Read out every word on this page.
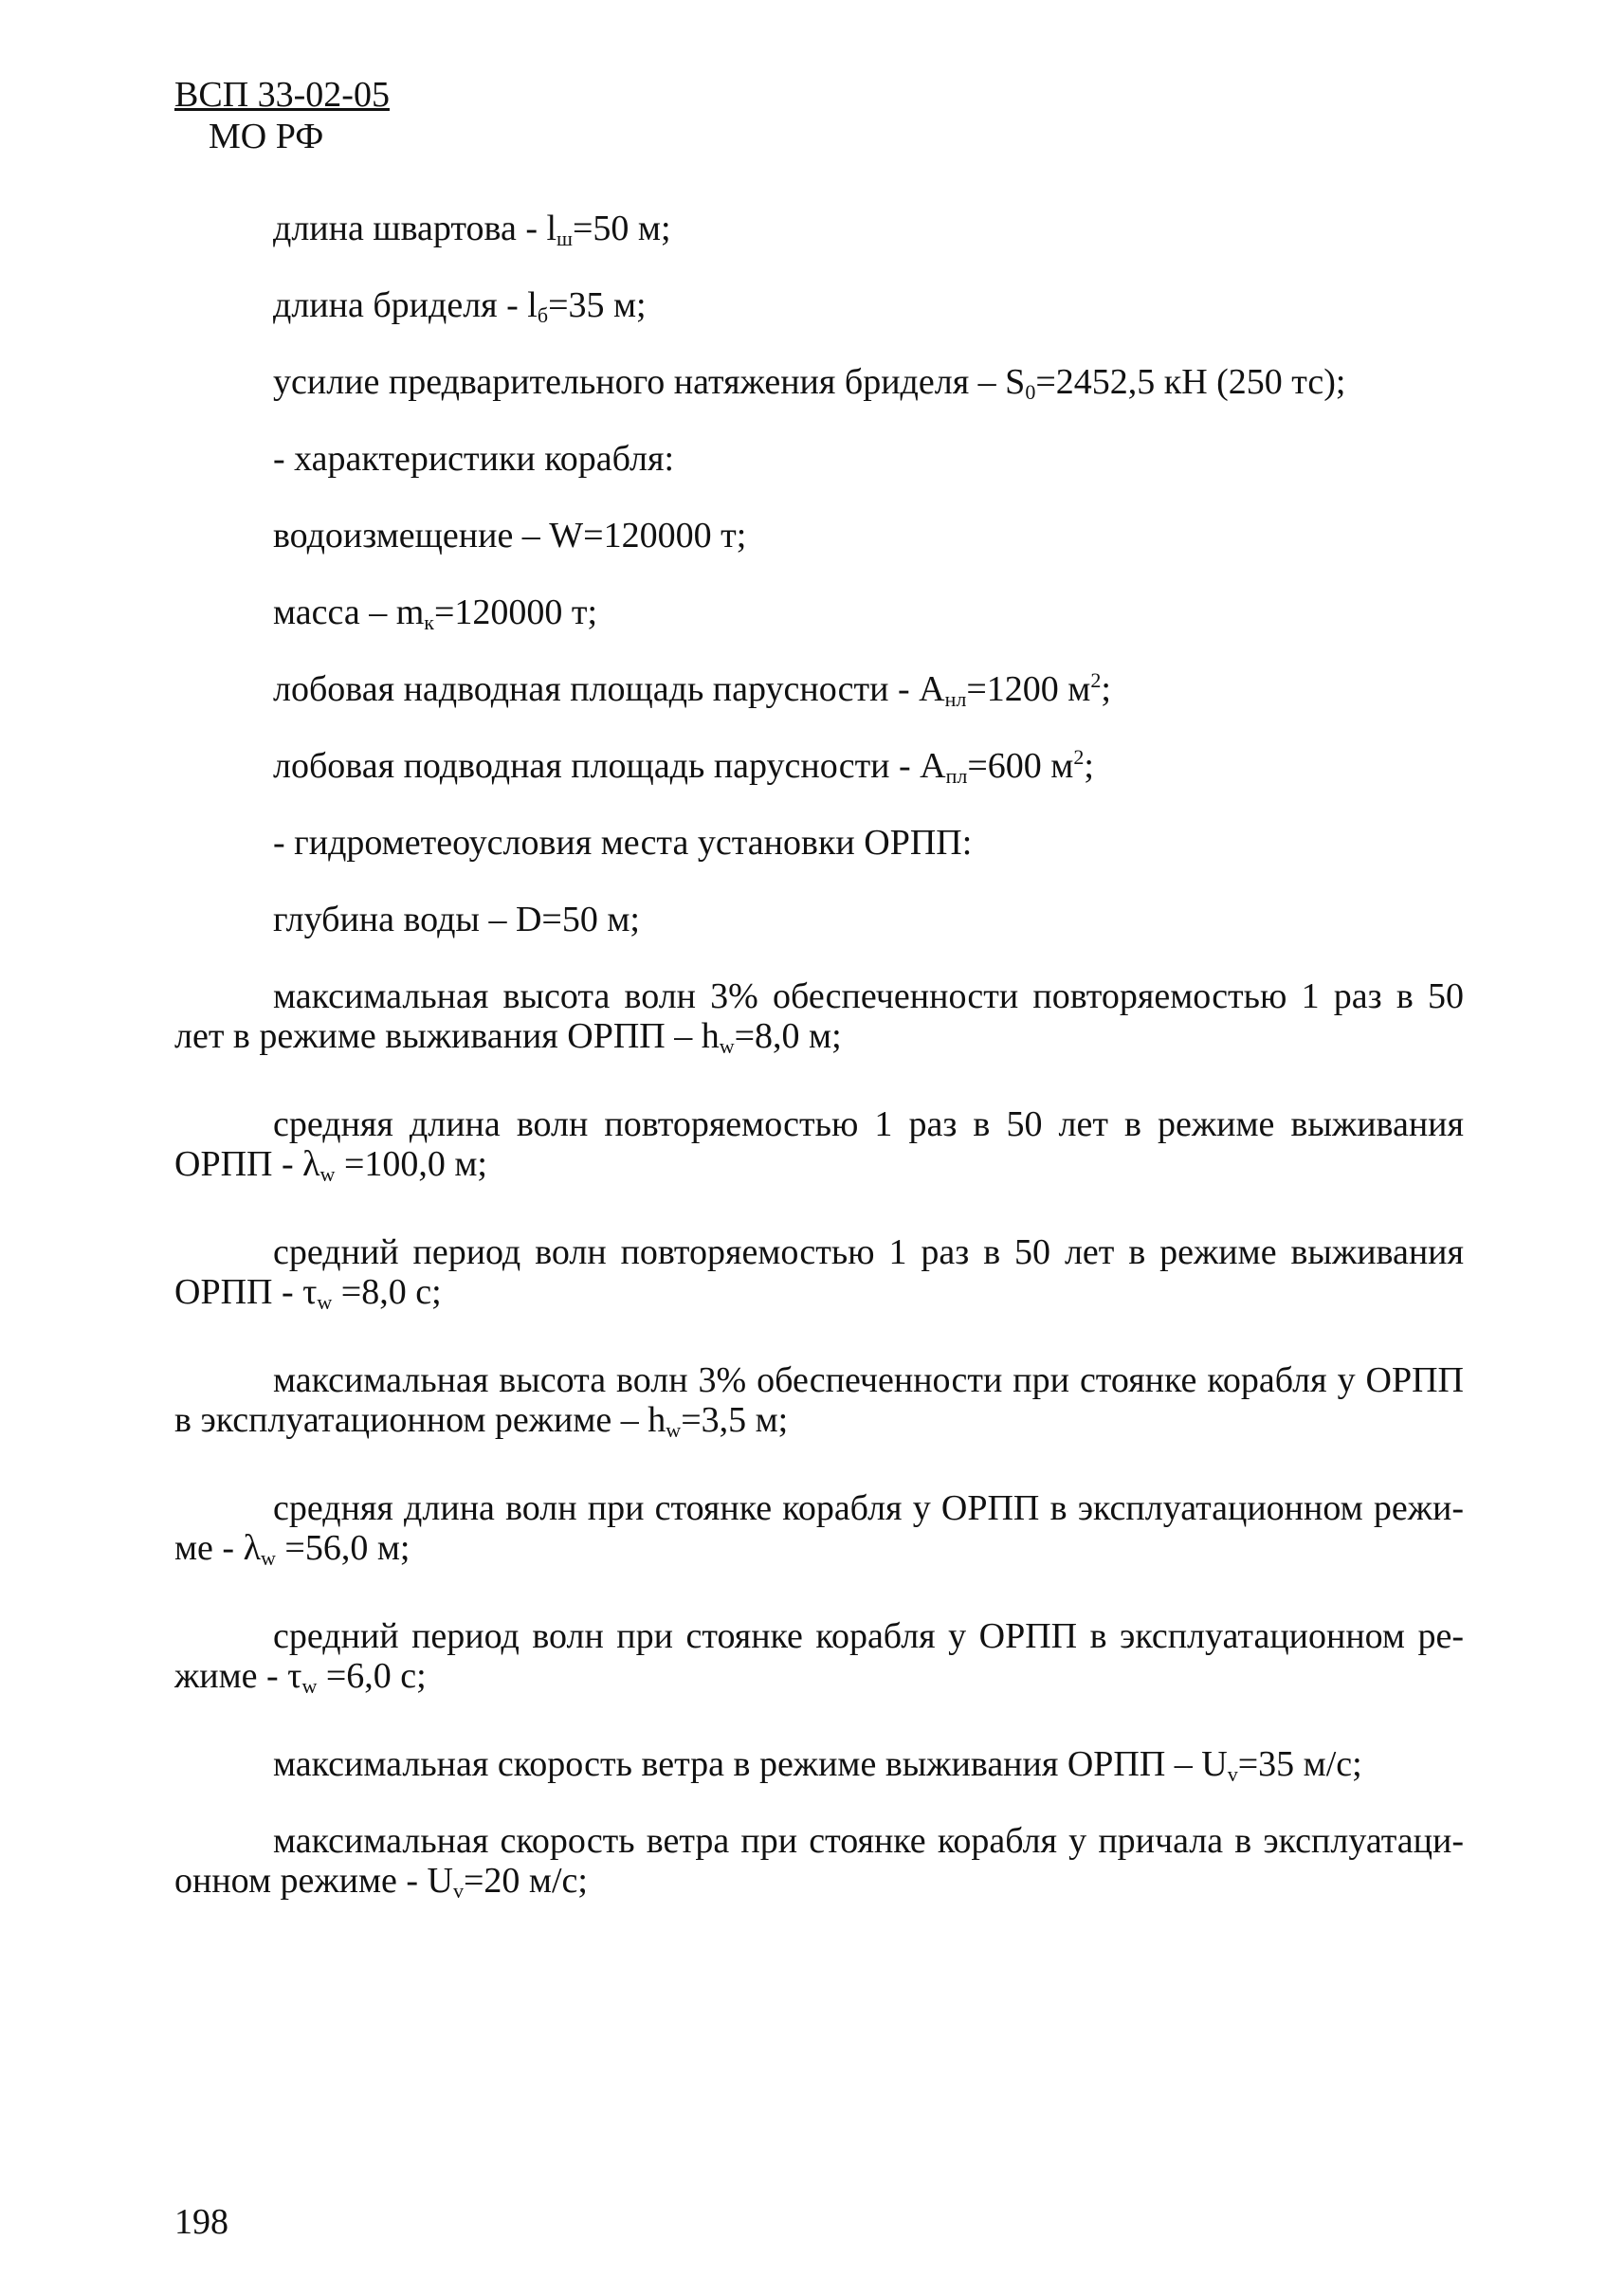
ВСП 33-02-05
МО РФ
длина швартова - $l_ш=50$ м;
длина бриделя - $l_б=35$ м;
усилие предварительного натяжения бриделя – $S_0=2452,5$ кН (250 тс);
- характеристики корабля:
водоизмещение – W=120000 т;
масса – $m_к=120000$ т;
лобовая надводная площадь парусности - $A_{нл}=1200$ $м^2$;
лобовая подводная площадь парусности - $A_{пл}=600$ $м^2$;
- гидрометеоусловия места установки ОРПП:
глубина воды – D=50 м;
максимальная высота волн 3% обеспеченности повторяемостью 1 раз в 50
лет в режиме выживания ОРПП – $h_w=8,0$ м;
средняя длина волн повторяемостью 1 раз в 50 лет в режиме выживания
ОРПП - $\lambda_w =100,0$ м;
средний период волн повторяемостью 1 раз в 50 лет в режиме выживания
ОРПП - $\tau_w =8,0$ с;
максимальная высота волн 3% обеспеченности при стоянке корабля у ОРПП
в эксплуатационном режиме – $h_w=3,5$ м;
средняя длина волн при стоянке корабля у ОРПП в эксплуатационном режи-
ме - $\lambda_w =56,0$ м;
средний период волн при стоянке корабля у ОРПП в эксплуатационном ре-
жиме - $\tau_w =6,0$ с;
максимальная скорость ветра в режиме выживания ОРПП – $U_v=35$ м/с;
максимальная скорость ветра при стоянке корабля у причала в эксплуатаци-
онном режиме - $U_v=20$ м/с;
198
